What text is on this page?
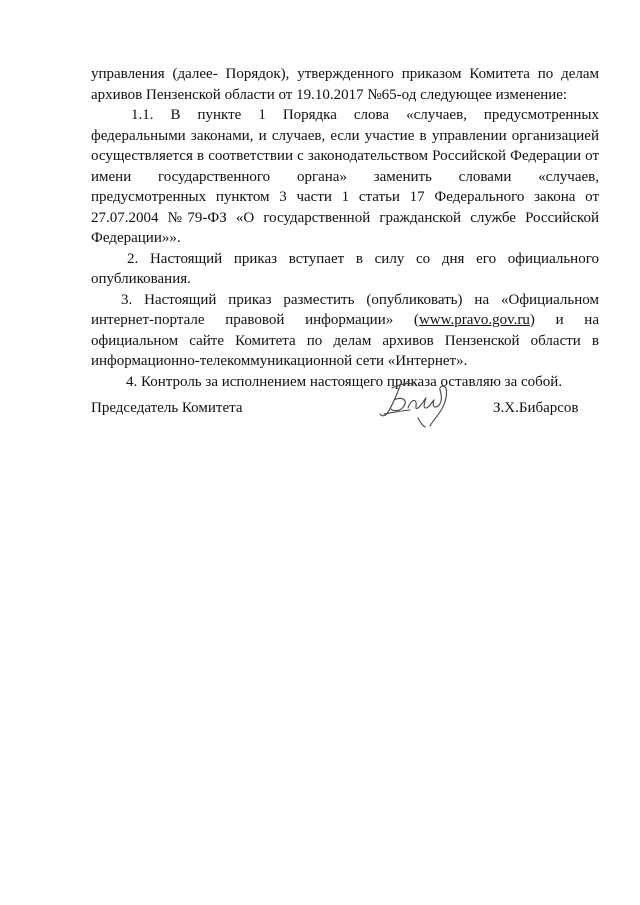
управления (далее- Порядок), утвержденного приказом Комитета по делам архивов Пензенской области от 19.10.2017 №65-од следующее изменение:

1.1. В пункте 1 Порядка слова «случаев, предусмотренных федеральными законами, и случаев, если участие в управлении организацией осуществляется в соответствии с законодательством Российской Федерации от имени государственного органа» заменить словами «случаев, предусмотренных пунктом 3 части 1 статьи 17 Федерального закона от 27.07.2004 №79-ФЗ «О государственной гражданской службе Российской Федерации»».

2. Настоящий приказ вступает в силу со дня его официального опубликования.

3. Настоящий приказ разместить (опубликовать) на «Официальном интернет-портале правовой информации» (www.pravo.gov.ru) и на официальном сайте Комитета по делам архивов Пензенской области в информационно-телекоммуникационной сети «Интернет».

4. Контроль за исполнением настоящего приказа оставляю за собой.

Председатель Комитета	З.Х.Бибарсов
